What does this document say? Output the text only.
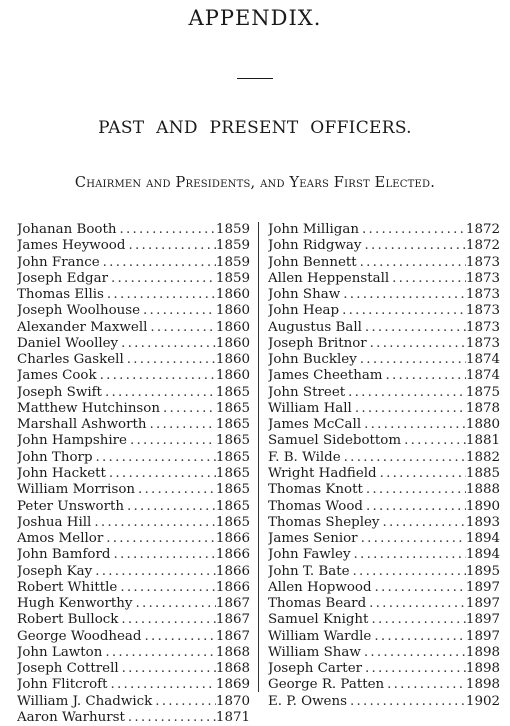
APPENDIX.
PAST AND PRESENT OFFICERS.
Chairmen and Presidents, and Years First Elected.
Johanan Booth . . .	1859
James Heywood . . .	1859
John France . . .	1859
Joseph Edgar . . .	1859
Thomas Ellis . . .	1860
Joseph Woolhouse . . .	1860
Alexander Maxwell . . .	1860
Daniel Woolley . . .	1860
Charles Gaskell . . .	1860
James Cook . . .	1860
Joseph Swift . . .	1865
Matthew Hutchinson . . .	1865
Marshall Ashworth . . .	1865
John Hampshire . . .	1865
John Thorp . . .	1865
John Hackett . . .	1865
William Morrison . . .	1865
Peter Unsworth . . .	1865
Joshua Hill . . .	1865
Amos Mellor . . .	1866
John Bamford . . .	1866
Joseph Kay . . .	1866
Robert Whittle . . .	1866
Hugh Kenworthy . . .	1867
Robert Bullock . . .	1867
George Woodhead . . .	1867
John Lawton . . .	1868
Joseph Cottrell . . .	1868
John Flitcroft . . .	1869
William J. Chadwick . . .	1870
Aaron Warhurst . . .	1871
John Milligan . . .	1872
John Ridgway . . .	1872
John Bennett . . .	1873
Allen Heppenstall . . .	1873
John Shaw . . .	1873
John Heap . . .	1873
Augustus Ball . . .	1873
Joseph Britnor . . .	1873
John Buckley . . .	1874
James Cheetham . . .	1874
John Street . . .	1875
William Hall . . .	1878
James McCall . . .	1880
Samuel Sidebottom . . .	1881
F. B. Wilde . . .	1882
Wright Hadfield . . .	1885
Thomas Knott . . .	1888
Thomas Wood . . .	1890
Thomas Shepley . . .	1893
James Senior . . .	1894
John Fawley . . .	1894
John T. Bate . . .	1895
Allen Hopwood . . .	1897
Thomas Beard . . .	1897
Samuel Knight . . .	1897
William Wardle . . .	1897
William Shaw . . .	1898
Joseph Carter . . .	1898
George R. Patten . . .	1898
E. P. Owens . . .	1902
